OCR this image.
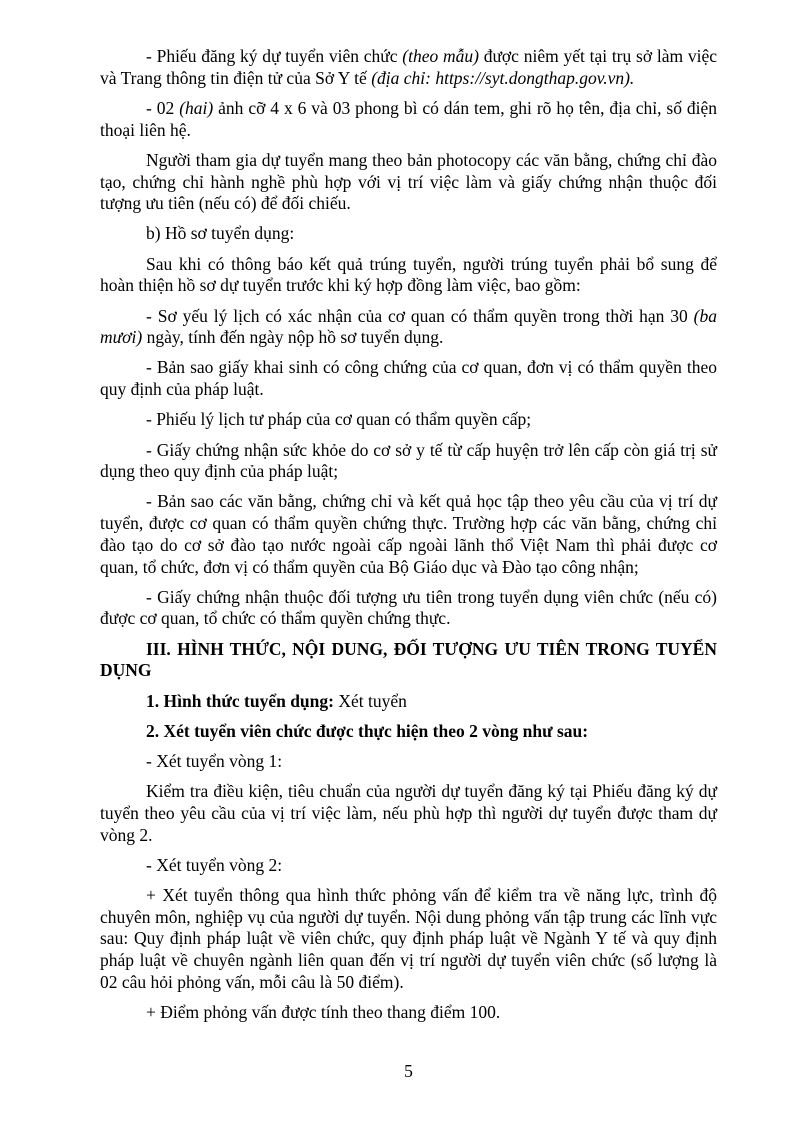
- Phiếu đăng ký dự tuyển viên chức (theo mẫu) được niêm yết tại trụ sở làm việc và Trang thông tin điện tử của Sở Y tế (địa chỉ: https://syt.dongthap.gov.vn).

- 02 (hai) ảnh cỡ 4 x 6 và 03 phong bì có dán tem, ghi rõ họ tên, địa chỉ, số điện thoại liên hệ.

Người tham gia dự tuyển mang theo bản photocopy các văn bằng, chứng chỉ đào tạo, chứng chỉ hành nghề phù hợp với vị trí việc làm và giấy chứng nhận thuộc đối tượng ưu tiên (nếu có) để đối chiếu.

b) Hồ sơ tuyển dụng:

Sau khi có thông báo kết quả trúng tuyển, người trúng tuyển phải bổ sung để hoàn thiện hồ sơ dự tuyển trước khi ký hợp đồng làm việc, bao gồm:

- Sơ yếu lý lịch có xác nhận của cơ quan có thẩm quyền trong thời hạn 30 (ba mươi) ngày, tính đến ngày nộp hồ sơ tuyển dụng.

- Bản sao giấy khai sinh có công chứng của cơ quan, đơn vị có thẩm quyền theo quy định của pháp luật.

- Phiếu lý lịch tư pháp của cơ quan có thẩm quyền cấp;

- Giấy chứng nhận sức khỏe do cơ sở y tế từ cấp huyện trở lên cấp còn giá trị sử dụng theo quy định của pháp luật;

- Bản sao các văn bằng, chứng chỉ và kết quả học tập theo yêu cầu của vị trí dự tuyển, được cơ quan có thẩm quyền chứng thực. Trường hợp các văn bằng, chứng chỉ đào tạo do cơ sở đào tạo nước ngoài cấp ngoài lãnh thổ Việt Nam thì phải được cơ quan, tổ chức, đơn vị có thẩm quyền của Bộ Giáo dục và Đào tạo công nhận;

- Giấy chứng nhận thuộc đối tượng ưu tiên trong tuyển dụng viên chức (nếu có) được cơ quan, tổ chức có thẩm quyền chứng thực.

III. HÌNH THỨC, NỘI DUNG, ĐỐI TƯỢNG ƯU TIÊN TRONG TUYỂN DỤNG

1. Hình thức tuyển dụng: Xét tuyển

2. Xét tuyển viên chức được thực hiện theo 2 vòng như sau:

- Xét tuyển vòng 1:

Kiểm tra điều kiện, tiêu chuẩn của người dự tuyển đăng ký tại Phiếu đăng ký dự tuyển theo yêu cầu của vị trí việc làm, nếu phù hợp thì người dự tuyển được tham dự vòng 2.

- Xét tuyển vòng 2:

+ Xét tuyển thông qua hình thức phỏng vấn để kiểm tra về năng lực, trình độ chuyên môn, nghiệp vụ của người dự tuyển. Nội dung phỏng vấn tập trung các lĩnh vực sau: Quy định pháp luật về viên chức, quy định pháp luật về Ngành Y tế và quy định pháp luật về chuyên ngành liên quan đến vị trí người dự tuyển viên chức (số lượng là 02 câu hỏi phỏng vấn, mỗi câu là 50 điểm).

+ Điểm phỏng vấn được tính theo thang điểm 100.

5
